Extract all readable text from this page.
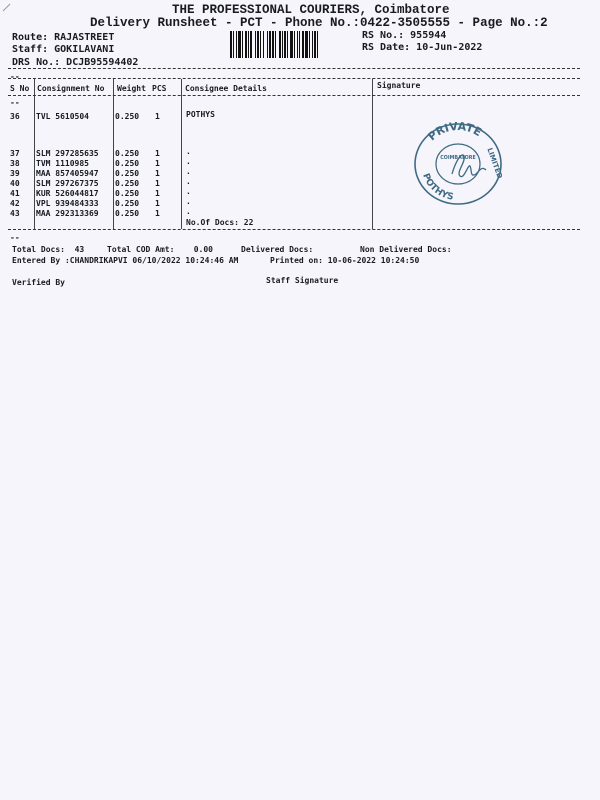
THE PROFESSIONAL COURIERS, Coimbatore
Delivery Runsheet - PCT - Phone No.:0422-3505555 - Page No.:2
Route: RAJASTREET
Staff: GOKILAVANI
DRS No.: DCJB95594402
RS No.: 955944
RS Date: 10-Jun-2022
--
S No Consignment No Weight PCS Consignee Details	Signature
--
36 TVL 5610504	0.250 1	POTHYS
37 SLM 297285635 0.250 1	.
38 TVM 1110985	0.250 1	.
39 MAA 857405947 0.250 1	.
40 SLM 297267375 0.250 1	.
41 KUR 526044817 0.250 1	.
42 VPL 939484333 0.250 1	.
43 MAA 292313369 0.250 1	.
No.Of Docs: 22
--
Total Docs:  43	Total COD Amt:    0.00	Delivered Docs:	Non Delivered Docs:
Entered By :CHANDRIKAPVI 06/10/2022 10:24:46 AM	Printed on: 10-06-2022 10:24:50
Verified By	Staff Signature
PRIVATE
POTHYS
LIMITED
COIMBATORE
